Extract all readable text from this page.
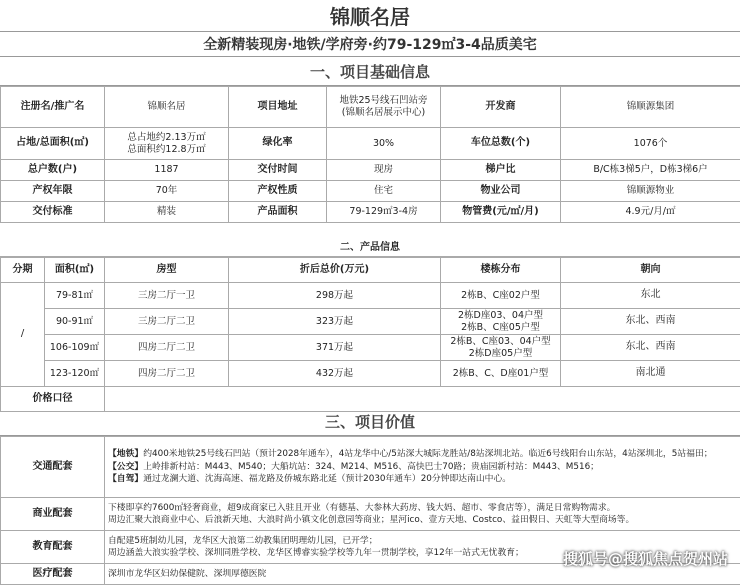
锦顺名居
全新精装现房·地铁/学府旁·约79-129㎡3-4品质美宅
一、项目基础信息
注册名/推广名	锦顺名居	项目地址	地铁25号线石凹站旁
(锦顺名居展示中心)	开发商	锦顺源集团
占地/总面积(㎡)	总占地约2.13万㎡
总面积约12.8万㎡	绿化率	30%	车位总数(个)	1076个
总户数(户)	1187	交付时间	现房	梯户比	B/C栋3梯5户，D栋3梯6户
产权年限	70年	产权性质	住宅	物业公司	锦顺源物业
交付标准	精装	产品面积	79-129㎡3-4房	物管费(元/㎡/月)	4.9元/月/㎡
二、产品信息
分期	面积(㎡)	房型	折后总价(万元)	楼栋分布	朝向
/	79-81㎡	三房二厅一卫	298万起	2栋B、C座02户型	东北
	90-91㎡	三房二厅二卫	323万起	2栋D座03、04户型
2栋B、C座05户型	东北、西南
	106-109㎡	四房二厅二卫	371万起	2栋B、C座03、04户型
2栋D座05户型	东北、西南
	123-120㎡	四房二厅二卫	432万起	2栋B、C、D座01户型	南北通
价格口径					
三、项目价值
交通配套	【地铁】约400米地铁25号线石凹站（预计2028年通车），4站龙华中心/5站深大城际龙胜站/8站深圳北站。临近6号线阳台山东站，4站深圳北，5站福田；
【公交】上岭排新村站：M443、M540；大船坑站：324、M214、M516、高快巴士70路；贵庙园新村站：M443、M516；
【自驾】通过龙澜大道、沈海高速、福龙路及侨城东路北延（预计2030年通车）20分钟即达南山中心。

商业配套	下楼即享约7600㎡轻奢商业，超9成商家已入驻且开业（有德基、大参林大药房、钱大妈、超市、零食店等），满足日常购物需求。
周边汇聚大浪商业中心、后浪新天地、大浪时尚小镇文化创意园等商业；星河ico、壹方天地、Costco、益田假日、天虹等大型商场等。

教育配套	自配建5班制幼儿园，龙华区大浪第二幼教集团明理幼儿园，已开学；
周边涵盖大浪实验学校、深圳同胜学校、龙华区博睿实验学校等九年一贯制学校，享12年一站式无忧教育；

医疗配套	深圳市龙华区妇幼保健院、深圳厚德医院
搜狐号@搜狐焦点贺州站
